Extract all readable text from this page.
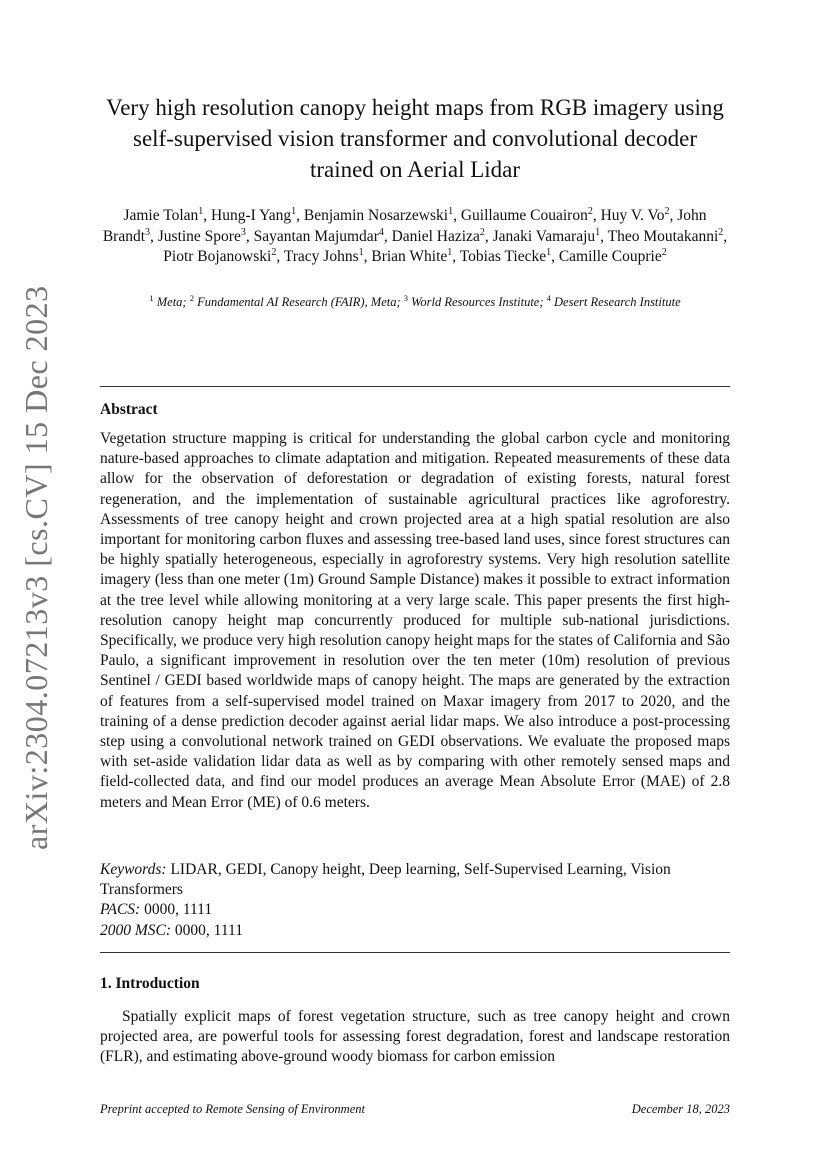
arXiv:2304.07213v3 [cs.CV] 15 Dec 2023
Very high resolution canopy height maps from RGB imagery using self-supervised vision transformer and convolutional decoder trained on Aerial Lidar
Jamie Tolan$^1$, Hung-I Yang$^1$, Benjamin Nosarzewski$^1$, Guillaume Couairon$^2$, Huy V. Vo$^2$, John Brandt$^3$, Justine Spore$^3$, Sayantan Majumdar$^4$, Daniel Haziza$^2$, Janaki Vamaraju$^1$, Theo Moutakanni$^2$, Piotr Bojanowski$^2$, Tracy Johns$^1$, Brian White$^1$, Tobias Tiecke$^1$, Camille Couprie$^2$
$^1$ Meta; $^2$ Fundamental AI Research (FAIR), Meta; $^3$ World Resources Institute; $^4$ Desert Research Institute
Abstract

Vegetation structure mapping is critical for understanding the global carbon cycle and monitoring nature-based approaches to climate adaptation and mitigation. Repeated measurements of these data allow for the observation of deforestation or degradation of existing forests, natural forest regeneration, and the implementation of sustainable agricultural practices like agroforestry. Assessments of tree canopy height and crown projected area at a high spatial resolution are also important for monitoring carbon fluxes and assessing tree-based land uses, since forest structures can be highly spatially heterogeneous, especially in agroforestry systems. Very high resolution satellite imagery (less than one meter (1m) Ground Sample Distance) makes it possible to extract information at the tree level while allowing monitoring at a very large scale. This paper presents the first high-resolution canopy height map concurrently produced for multiple sub-national jurisdictions. Specifically, we produce very high resolution canopy height maps for the states of California and São Paulo, a significant improvement in resolution over the ten meter (10m) resolution of previous Sentinel / GEDI based worldwide maps of canopy height. The maps are generated by the extraction of features from a self-supervised model trained on Maxar imagery from 2017 to 2020, and the training of a dense prediction decoder against aerial lidar maps. We also introduce a post-processing step using a convolutional network trained on GEDI observations. We evaluate the proposed maps with set-aside validation lidar data as well as by comparing with other remotely sensed maps and field-collected data, and find our model produces an average Mean Absolute Error (MAE) of 2.8 meters and Mean Error (ME) of 0.6 meters.

Keywords: LIDAR, GEDI, Canopy height, Deep learning, Self-Supervised Learning, Vision Transformers

PACS: 0000, 1111

2000 MSC: 0000, 1111

1. Introduction

Spatially explicit maps of forest vegetation structure, such as tree canopy height and crown projected area, are powerful tools for assessing forest degradation, forest and landscape restoration (FLR), and estimating above-ground woody biomass for carbon emission

Preprint accepted to Remote Sensing of Environment	December 18, 2023
